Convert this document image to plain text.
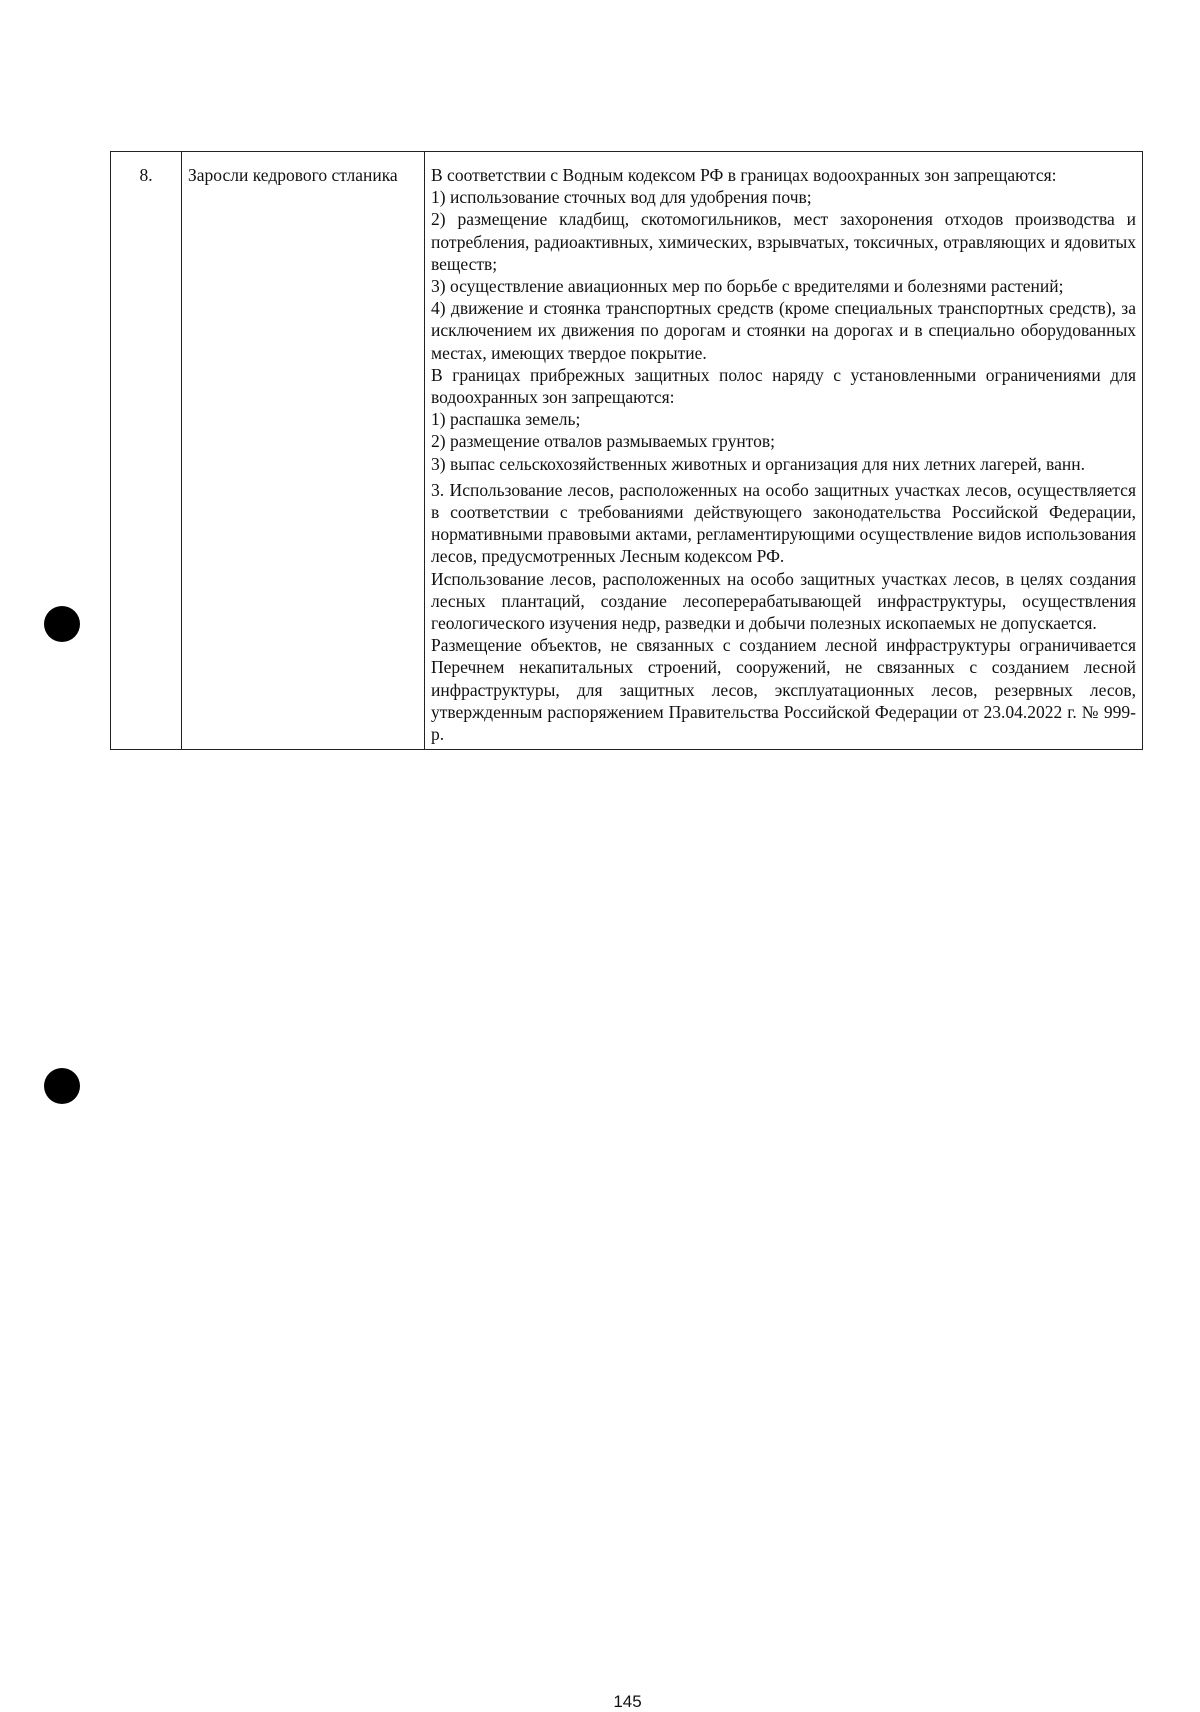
8.	Заросли кедрового стланика	В соответствии с Водным кодексом РФ в границах водоохранных зон запрещаются:

1) использование сточных вод для удобрения почв;

2) размещение кладбищ, скотомогильников, мест захоронения отходов производства и потребления, радиоактивных, химических, взрывчатых, токсичных, отравляющих и ядовитых веществ;

3) осуществление авиационных мер по борьбе с вредителями и болезнями растений;

4) движение и стоянка транспортных средств (кроме специальных транспортных средств), за исключением их движения по дорогам и стоянки на дорогах и в специально оборудованных местах, имеющих твердое покрытие.

В границах прибрежных защитных полос наряду с установленными ограничениями для водоохранных зон запрещаются:

1) распашка земель;

2) размещение отвалов размываемых грунтов;

3) выпас сельскохозяйственных животных и организация для них летних лагерей, ванн.

3. Использование лесов, расположенных на особо защитных участках лесов, осуществляется в соответствии с требованиями действующего законодательства Российской Федерации, нормативными правовыми актами, регламентирующими осуществление видов использования лесов, предусмотренных Лесным кодексом РФ.

Использование лесов, расположенных на особо защитных участках лесов, в целях создания лесных плантаций, создание лесоперерабатывающей инфраструктуры, осуществления геологического изучения недр, разведки и добычи полезных ископаемых не допускается.

Размещение объектов, не связанных с созданием лесной инфраструктуры ограничивается Перечнем некапитальных строений, сооружений, не связанных с созданием лесной инфраструктуры, для защитных лесов, эксплуатационных лесов, резервных лесов, утвержденным распоряжением Правительства Российской Федерации от 23.04.2022 г. № 999-р.

145
